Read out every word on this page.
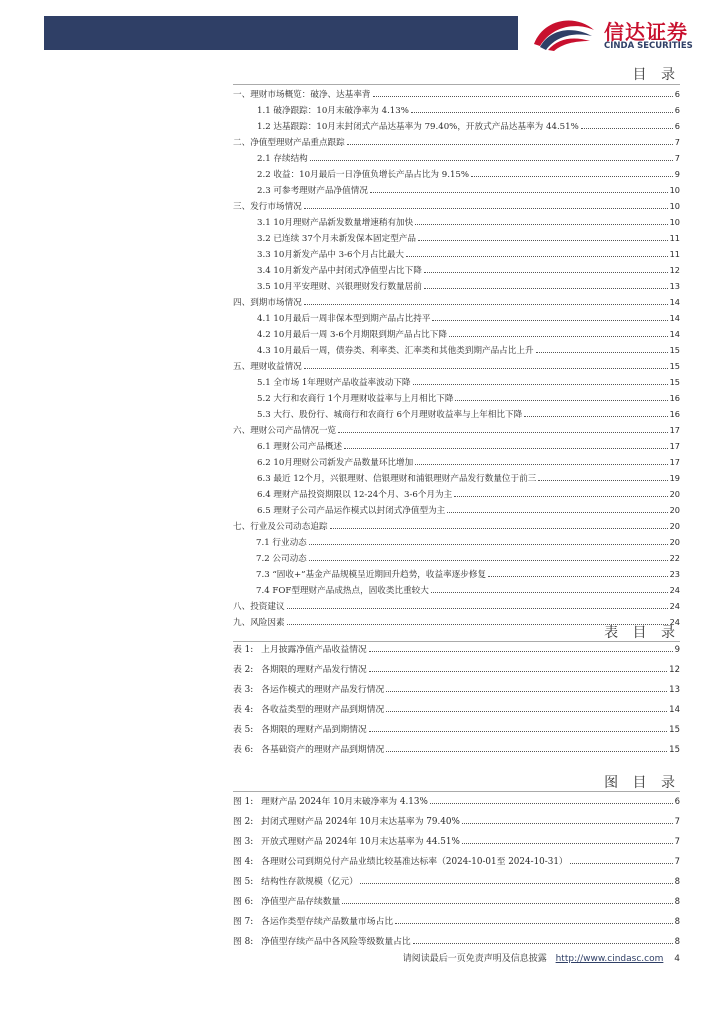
信达证券
CINDA SECURITIES
目 录
一、理财市场概览：破净、达基率背	6
1.1 破净跟踪：10月末破净率为 4.13%	6
1.2 达基跟踪：10月末封闭式产品达基率为 79.40%，开放式产品达基率为 44.51%	6
二、净值型理财产品重点跟踪	7
2.1 存续结构	7
2.2 收益：10月最后一日净值负增长产品占比为 9.15%	9
2.3 可参考理财产品净值情况	10
三、发行市场情况	10
3.1 10月理财产品新发数量增速稍有加快	10
3.2 已连续 37个月未新发保本固定型产品	11
3.3 10月新发产品中 3-6个月占比最大	11
3.4 10月新发产品中封闭式净值型占比下降	12
3.5 10月平安理财、兴银理财发行数量居前	13
四、到期市场情况	14
4.1 10月最后一周非保本型到期产品占比持平	14
4.2 10月最后一周 3-6个月期限到期产品占比下降	14
4.3 10月最后一周，债券类、利率类、汇率类和其他类到期产品占比上升	15
五、理财收益情况	15
5.1 全市场 1年理财产品收益率波动下降	15
5.2 大行和农商行 1个月理财收益率与上月相比下降	16
5.3 大行、股份行、城商行和农商行 6个月理财收益率与上年相比下降	16
六、理财公司产品情况一览	17
6.1 理财公司产品概述	17
6.2 10月理财公司新发产品数量环比增加	17
6.3 最近 12个月，兴银理财、信银理财和浦银理财产品发行数量位于前三	19
6.4 理财产品投资期限以 12-24个月、3-6个月为主	20
6.5 理财子公司产品运作模式以封闭式净值型为主	20
七、行业及公司动态追踪	20
7.1 行业动态	20
7.2 公司动态	22
7.3 “固收+”基金产品规模呈近期回升趋势，收益率逐步修复	23
7.4 FOF型理财产品成热点，固收类比重较大	24
八、投资建议	24
九、风险因素	24
表 目 录
表 1: 上月披露净值产品收益情况	9
表 2: 各期限的理财产品发行情况	12
表 3: 各运作模式的理财产品发行情况	13
表 4: 各收益类型的理财产品到期情况	14
表 5: 各期限的理财产品到期情况	15
表 6: 各基础资产的理财产品到期情况	15
图 目 录
图 1: 理财产品 2024年 10月末破净率为 4.13%	6
图 2: 封闭式理财产品 2024年 10月末达基率为 79.40%	7
图 3: 开放式理财产品 2024年 10月末达基率为 44.51%	7
图 4: 各理财公司到期兑付产品业绩比较基准达标率（2024-10-01至 2024-10-31）	7
图 5: 结构性存款规模（亿元）	8
图 6: 净值型产品存续数量	8
图 7: 各运作类型存续产品数量市场占比	8
图 8: 净值型存续产品中各风险等级数量占比	8
请阅读最后一页免责声明及信息披露 http://www.cindasc.com 4
